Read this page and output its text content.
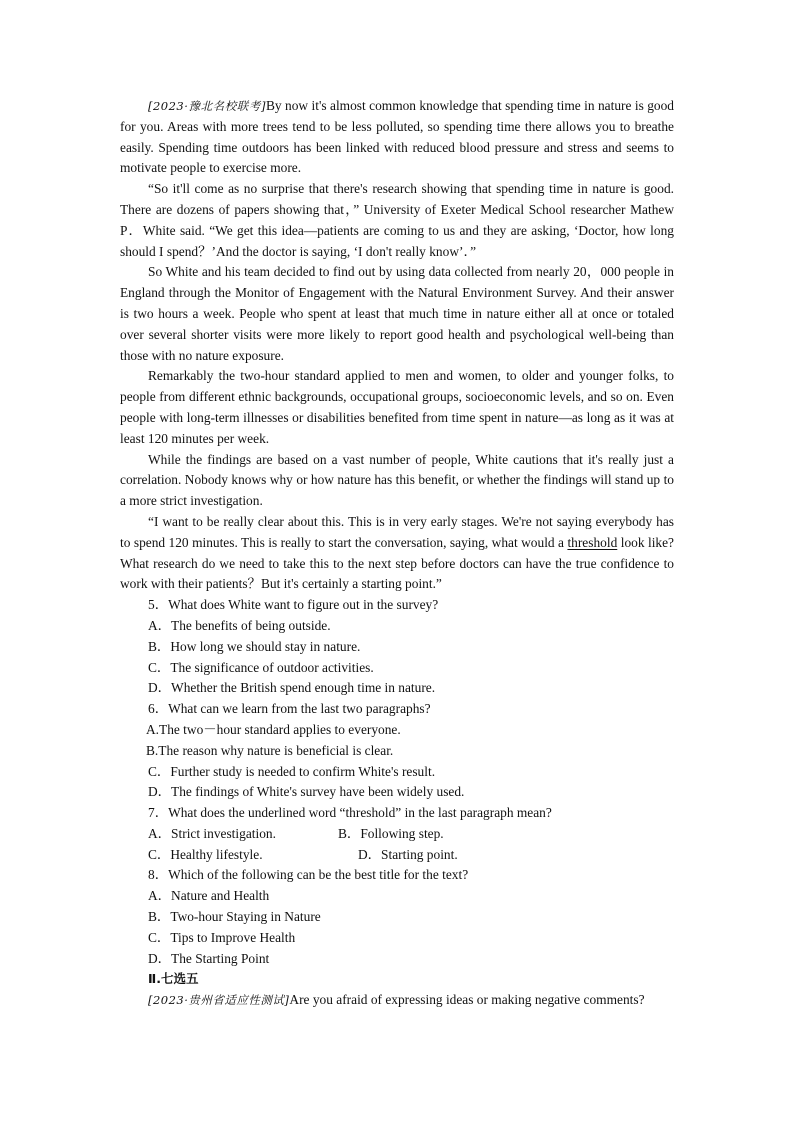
[2023·豫北名校联考]By now it's almost common knowledge that spending time in nature is good for you. Areas with more trees tend to be less polluted, so spending time there allows you to breathe easily. Spending time outdoors has been linked with reduced blood pressure and stress and seems to motivate people to exercise more.

“So it'll come as no surprise that there's research showing that spending time in nature is good. There are dozens of papers showing that，” University of Exeter Medical School researcher Mathew P．White said. “We get this idea—patients are coming to us and they are asking, ‘Doctor, how long should I spend？’And the doctor is saying, ‘I don't really know’．”

So White and his team decided to find out by using data collected from nearly 20，000 people in England through the Monitor of Engagement with the Natural Environment Survey. And their answer is two hours a week. People who spent at least that much time in nature either all at once or totaled over several shorter visits were more likely to report good health and psychological well-being than those with no nature exposure.

Remarkably the two-hour standard applied to men and women, to older and younger folks, to people from different ethnic backgrounds, occupational groups, socioeconomic levels, and so on. Even people with long-term illnesses or disabilities benefited from time spent in nature—as long as it was at least 120 minutes per week.

While the findings are based on a vast number of people, White cautions that it's really just a correlation. Nobody knows why or how nature has this benefit, or whether the findings will stand up to a more strict investigation.

“I want to be really clear about this. This is in very early stages. We're not saying everybody has to spend 120 minutes. This is really to start the conversation, saying, what would a threshold look like? What research do we need to take this to the next step before doctors can have the true confidence to work with their patients？But it's certainly a starting point.”

5．What does White want to figure out in the survey?

A．The benefits of being outside.

B．How long we should stay in nature.

C．The significance of outdoor activities.

D．Whether the British spend enough time in nature.

6．What can we learn from the last two paragraphs?

A.The two－hour standard applies to everyone.

B.The reason why nature is beneficial is clear.

C．Further study is needed to confirm White's result.

D．The findings of White's survey have been widely used.

7．What does the underlined word “threshold” in the last paragraph mean?

A．Strict investigation.	B．Following step.

C．Healthy lifestyle.	D．Starting point.

8．Which of the following can be the best title for the text?

A．Nature and Health

B．Two-hour Staying in Nature

C．Tips to Improve Health

D．The Starting Point

Ⅱ.七选五

[2023·贵州省适应性测试]Are you afraid of expressing ideas or making negative comments?
